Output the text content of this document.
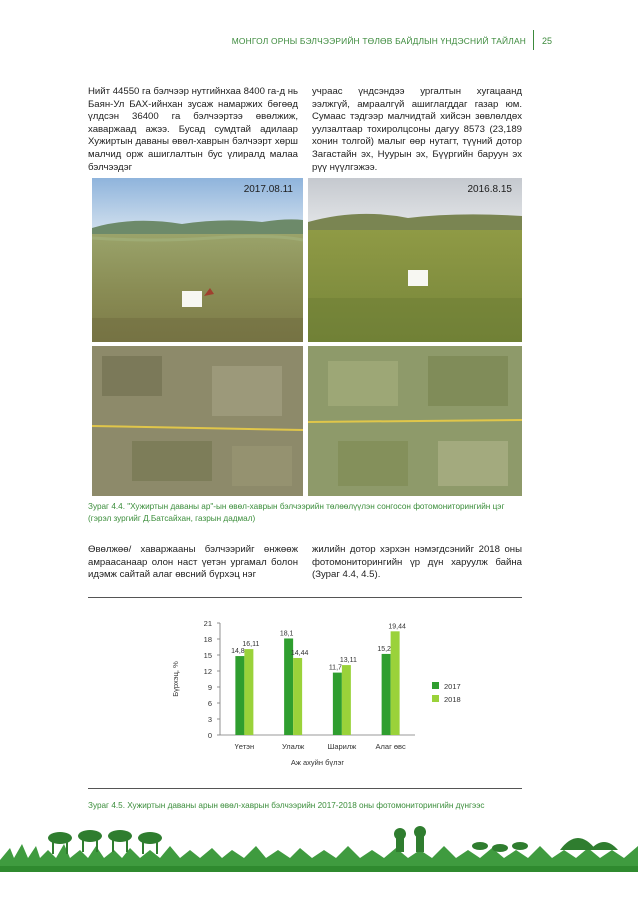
МОНГОЛ ОРНЫ БЭЛЧЭЭРИЙН ТӨЛӨВ БАЙДЛЫН ҮНДЭСНИЙ ТАЙЛАН 25

Нийт 44550 га бэлчээр нутгийнхаа 8400 га-д нь Баян-Ул БАХ-ийнхан зусаж намаржих бөгөөд үлдсэн 36400 га бэлчээртээ өвөлжиж, хаваржаад ажээ. Бусад сумдтай адилаар Хужиртын даваны өвөл-хаврын бэлчээрт хөрш малчид орж ашиглалтын бус үлиралд малаа бэлчээдэг

учраас үндсэндээ ургалтын хугацаанд ээлжгүй, амраалгүй ашиглагддаг газар юм. Сумаас тэдгээр малчидтай хийсэн зөвлөлдөх уулзалтаар тохиролцсоны дагуу 8573 (23,189 хонин толгой) малыг өөр нутагт, түүний дотор Загастайн эх, Нуурын эх, Бүүргийн баруун эх рүү нүүлгэжээ.

2017.08.11	2016.8.15

Зураг 4.4. "Хужиртын даваны ар"-ын өвөл-хаврын бэлчээрийн төлөөлүүлэн сонгосон фотомониторингийн цэг

(гэрэл зургийг Д.Батсайхан, газрын дадмал)

Өвөлжөө/ хаваржааны бэлчээрийг өнжөөж амраасанаар олон наст үетэн ургамал болон идэмж сайтай алаг өвсний бүрхэц нэг

жилийн дотор хэрхэн нэмэгдсэнийг 2018 оны фотомониторингийн үр дүн харуулж байна (Зураг 4.4, 4.5).

0
3
6
9
12
15
18
21
Бүрхэц, %
14,8
16,11
Үетэн
18,1
14,44
Улалж
11,7
13,11
Шарилж
15,2
19,44
Алаг өвс
Аж ахуйн бүлэг
2017
2018

Зураг 4.5. Хужиртын даваны арын өвөл-хаврын бэлчээрийн 2017-2018 оны фотомониторингийн дүнгээс
